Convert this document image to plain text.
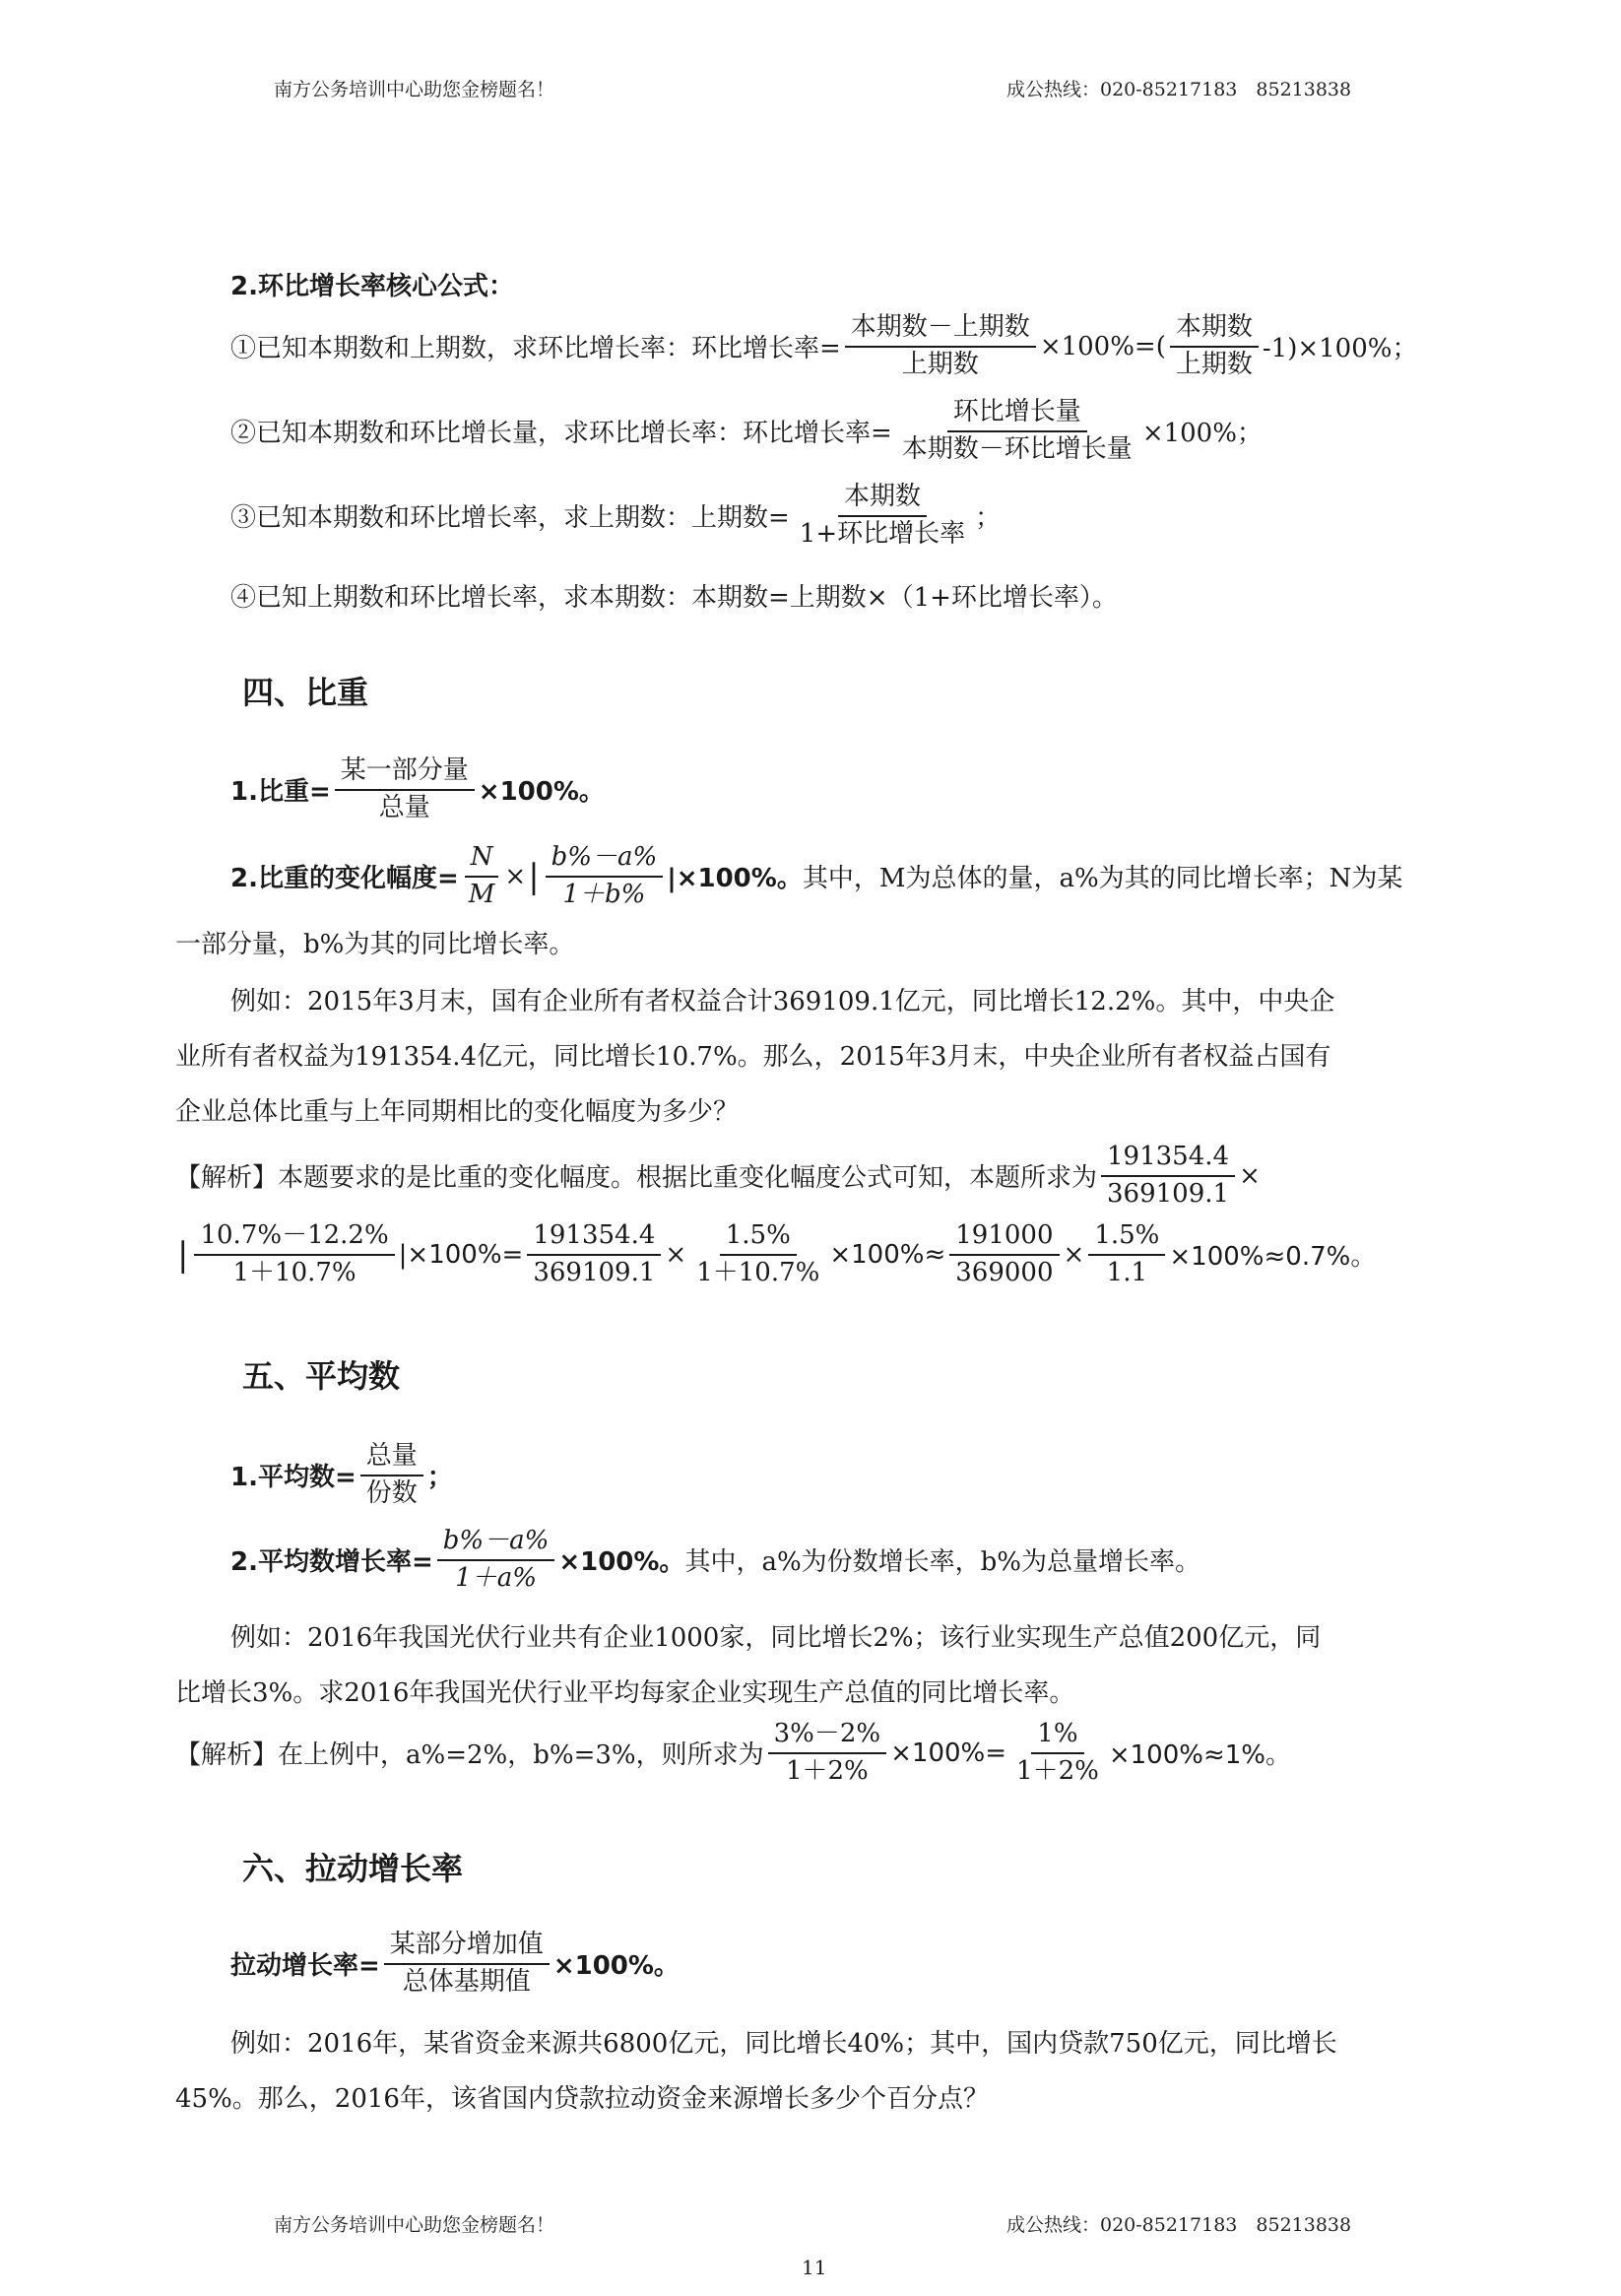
南方公务培训中心助您金榜题名！	成公热线：020-85217183　85213838
2.环比增长率核心公式：
①已知本期数和上期数，求环比增长率：环比增长率= $\frac{\text{本期数－上期数}}{\text{上期数}} \times 100\%=( \frac{\text{本期数}}{\text{上期数}} -1)\times 100\%$；
②已知本期数和环比增长量，求环比增长率：环比增长率= $\frac{\text{环比增长量}}{\text{本期数－环比增长量}} \times 100\%$；
③已知本期数和环比增长率，求上期数：上期数= $\frac{\text{本期数}}{\text{1+环比增长率}}$ ；
④已知上期数和环比增长率，求本期数：本期数=上期数×（1+环比增长率）。
四、比重
1.比重= $\frac{\text{某一部分量}}{\text{总量}} \times 100\%$。
2.比重的变化幅度= $\frac{N}{M}$ × | $\frac{b\%-a\%}{1+b\%} |\times 100\%$。 其中，M为总体的量，a%为其的同比增长率；N为某
一部分量，b%为其的同比增长率。
例如：2015年3月末，国有企业所有者权益合计369109.1亿元，同比增长12.2%。其中，中央企
业所有者权益为191354.4亿元，同比增长10.7%。那么，2015年3月末，中央企业所有者权益占国有
企业总体比重与上年同期相比的变化幅度为多少？
【解析】本题要求的是比重的变化幅度。根据比重变化幅度公式可知，本题所求为 $\frac{191354.4}{369109.1}$ ×
| $\frac{10.7\%-12.2\%}{1+10.7\%} |\times 100\%= \frac{191354.4}{369109.1} \times \frac{1.5\%}{1+10.7\%} \times 100\%\approx \frac{191000}{369000} \times \frac{1.5\%}{1.1} \times 100\%\approx 0.7\%$。
五、平均数
1.平均数= $\frac{\text{总量}}{\text{份数}}$ ；
2.平均数增长率= $\frac{b\%-a\%}{1+a\%} \times 100\%$。 其中，a%为份数增长率，b%为总量增长率。
例如：2016年我国光伏行业共有企业1000家，同比增长2%；该行业实现生产总值200亿元，同
比增长3%。求2016年我国光伏行业平均每家企业实现生产总值的同比增长率。
【解析】在上例中，a%=2%，b%=3%，则所求为 $\frac{3\%-2\%}{1+2\%} \times 100\%= \frac{1\%}{1+2\%} \times 100\%\approx 1\%$。
六、拉动增长率
拉动增长率= $\frac{\text{某部分增加值}}{\text{总体基期值}} \times 100\%$。
例如：2016年，某省资金来源共6800亿元，同比增长40%；其中，国内贷款750亿元，同比增长
45%。那么，2016年，该省国内贷款拉动资金来源增长多少个百分点？
南方公务培训中心助您金榜题名！	成公热线：020-85217183　85213838
11
